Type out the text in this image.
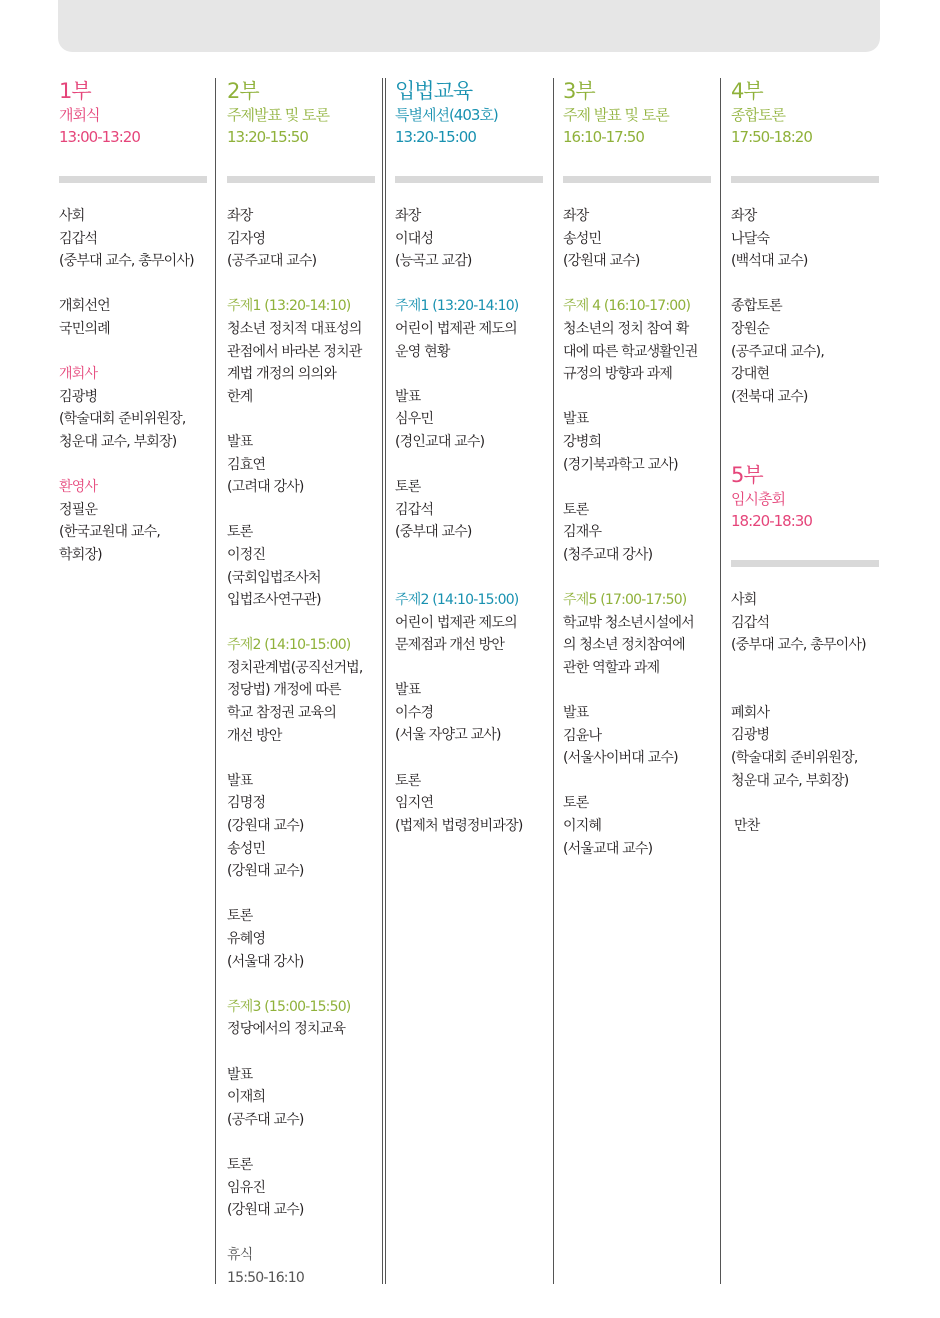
1부
개회식
13:00-13:20
사회
김갑석
(중부대 교수, 총무이사)
개회선언
국민의례
개회사
김광병
(학술대회 준비위원장,
청운대 교수, 부회장)
환영사
정필운
(한국교원대 교수,
학회장)
2부
주제발표 및 토론
13:20-15:50
좌장
김자영
(공주교대 교수)
주제1 (13:20-14:10)
청소년 정치적 대표성의
관점에서 바라본 정치관
계법 개정의 의의와
한계
발표
김효연
(고려대 강사)
토론
이정진
(국회입법조사처
입법조사연구관)
주제2 (14:10-15:00)
정치관계법(공직선거법,
정당법) 개정에 따른
학교 참정권 교육의
개선 방안
발표
김명정
(강원대 교수)
송성민
(강원대 교수)
토론
유혜영
(서울대 강사)
주제3 (15:00-15:50)
정당에서의 정치교육
발표
이재희
(공주대 교수)
토론
임유진
(강원대 교수)
휴식
15:50-16:10
입법교육
특별세션(403호)
13:20-15:00
좌장
이대성
(능곡고 교감)
주제1 (13:20-14:10)
어린이 법제관 제도의
운영 현황
발표
심우민
(경인교대 교수)
토론
김갑석
(중부대 교수)
주제2 (14:10-15:00)
어린이 법제관 제도의
문제점과 개선 방안
발표
이수경
(서울 자양고 교사)
토론
임지연
(법제처 법령정비과장)
3부
주제 발표 및 토론
16:10-17:50
좌장
송성민
(강원대 교수)
주제 4 (16:10-17:00)
청소년의 정치 참여 확
대에 따른 학교생활인권
규정의 방향과 과제
발표
강병희
(경기북과학고 교사)
토론
김재우
(청주교대 강사)
주제5 (17:00-17:50)
학교밖 청소년시설에서
의 청소년 정치참여에
관한 역할과 과제
발표
김윤나
(서울사이버대 교수)
토론
이지혜
(서울교대 교수)
4부
종합토론
17:50-18:20
좌장
나달숙
(백석대 교수)
종합토론
장원순
(공주교대 교수),
강대현
(전북대 교수)
5부
임시총회
18:20-18:30
사회
김갑석
(중부대 교수, 총무이사)
폐회사
김광병
(학술대회 준비위원장,
청운대 교수, 부회장)
만찬
